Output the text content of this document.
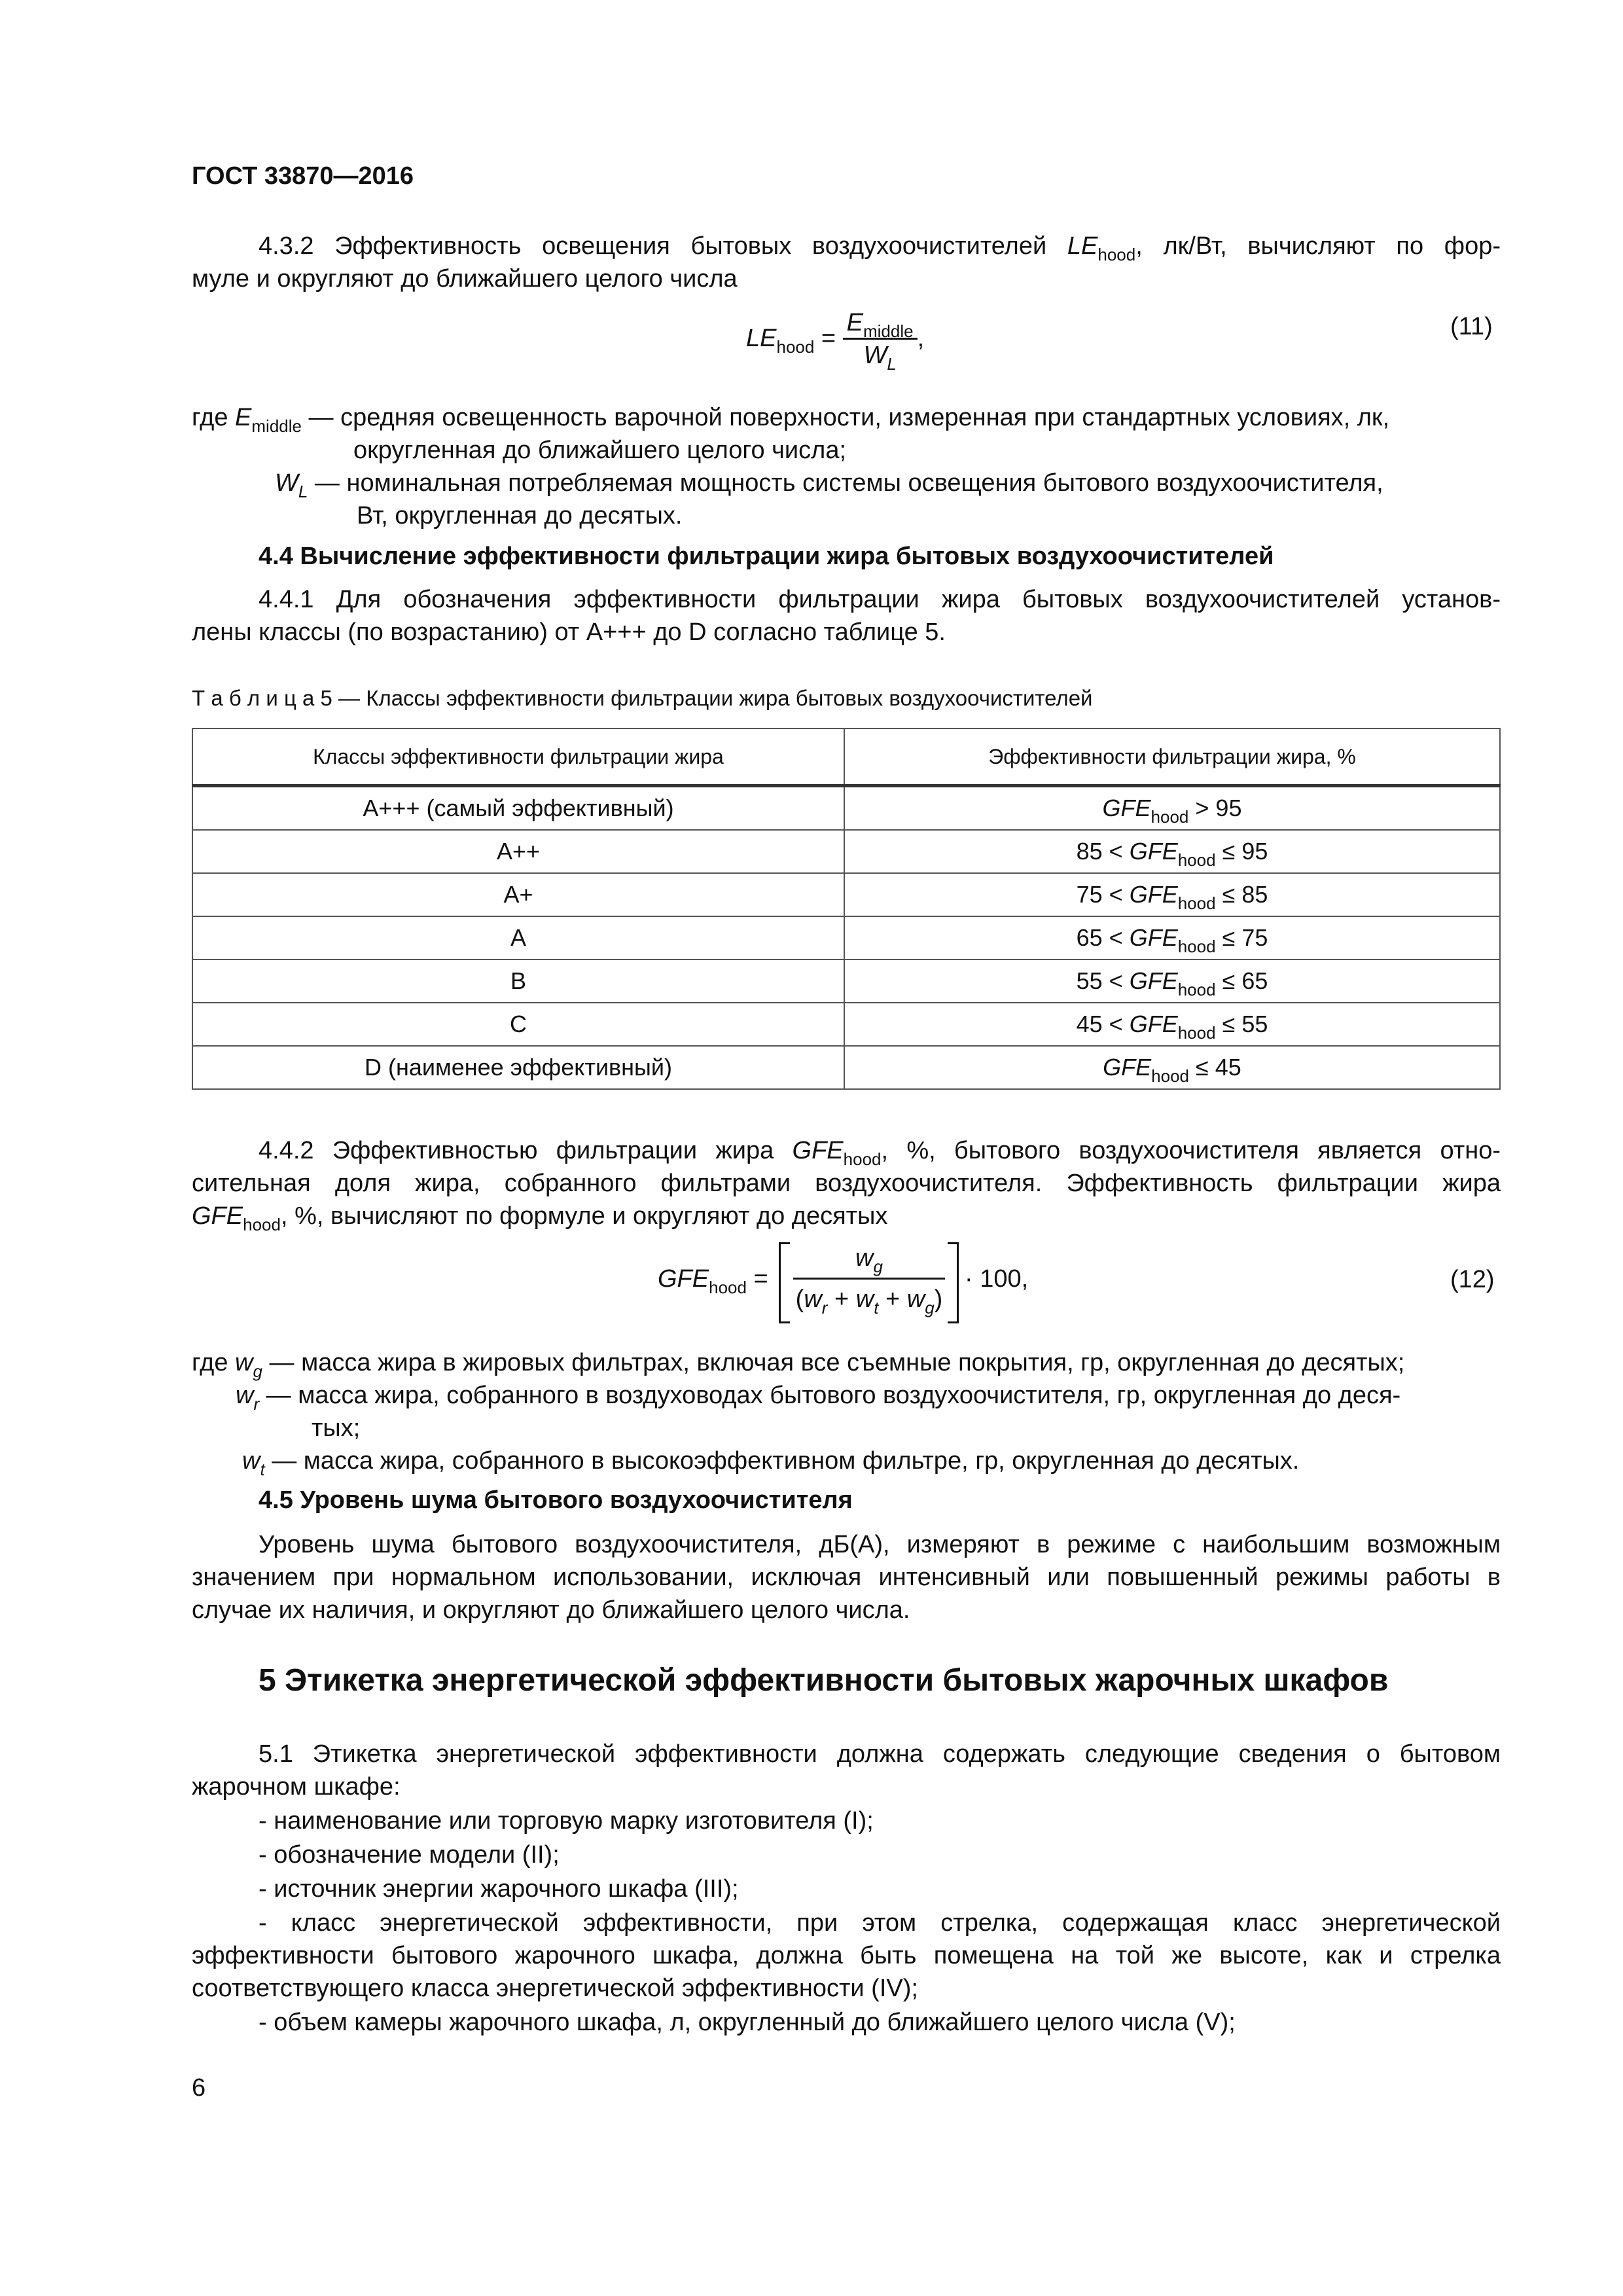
ГОСТ 33870—2016
4.3.2 Эффективность освещения бытовых воздухоочистителей $LE_{hood}$, лк/Вт, вычисляют по фор-
муле и округляют до ближайшего целого числа
$LE_{hood} = \frac{E_{middle}}{W_L}$ ,	(11)
где $E_{middle}$ — средняя освещенность варочной поверхности, измеренная при стандартных условиях, лк,
округленная до ближайшего целого числа;
$W_L$ — номинальная потребляемая мощность системы освещения бытового воздухоочистителя,
Вт, округленная до десятых.
4.4 Вычисление эффективности фильтрации жира бытовых воздухоочистителей
4.4.1 Для обозначения эффективности фильтрации жира бытовых воздухоочистителей установ-
лены классы (по возрастанию) от А+++ до D согласно таблице 5.
Т а б л и ц а 5 — Классы эффективности фильтрации жира бытовых воздухоочистителей
Классы эффективности фильтрации жира	Эффективности фильтрации жира, %
A+++ (самый эффективный)	$GFE_{hood} > 95$
A++	$85 < GFE_{hood} \le 95$
A+	$75 < GFE_{hood} \le 85$
A	$65 < GFE_{hood} \le 75$
B	$55 < GFE_{hood} \le 65$
C	$45 < GFE_{hood} \le 55$
D (наименее эффективный)	$GFE_{hood} \le 45$
4.4.2 Эффективностью фильтрации жира $GFE_{hood}$, %, бытового воздухоочистителя является отно-
сительная доля жира, собранного фильтрами воздухоочистителя. Эффективность фильтрации жира
$GFE_{hood}$, %, вычисляют по формуле и округляют до десятых
$GFE_{hood} = \frac{w_g}{(w_r + w_t + w_g)} \cdot 100$,	(12)
где $w_g$ — масса жира в жировых фильтрах, включая все съемные покрытия, гр, округленная до десятых;
$w_r$ — масса жира, собранного в воздуховодах бытового воздухоочистителя, гр, округленная до деся-
тых;
$w_t$ — масса жира, собранного в высокоэффективном фильтре, гр, округленная до десятых.
4.5 Уровень шума бытового воздухоочистителя
Уровень шума бытового воздухоочистителя, дБ(А), измеряют в режиме с наибольшим возможным
значением при нормальном использовании, исключая интенсивный или повышенный режимы работы в
случае их наличия, и округляют до ближайшего целого числа.
5 Этикетка энергетической эффективности бытовых жарочных шкафов
5.1 Этикетка энергетической эффективности должна содержать следующие сведения о бытовом
жарочном шкафе:
- наименование или торговую марку изготовителя (I);
- обозначение модели (II);
- источник энергии жарочного шкафа (III);
- класс энергетической эффективности, при этом стрелка, содержащая класс энергетической
эффективности бытового жарочного шкафа, должна быть помещена на той же высоте, как и стрелка
соответствующего класса энергетической эффективности (IV);
- объем камеры жарочного шкафа, л, округленный до ближайшего целого числа (V);
6
